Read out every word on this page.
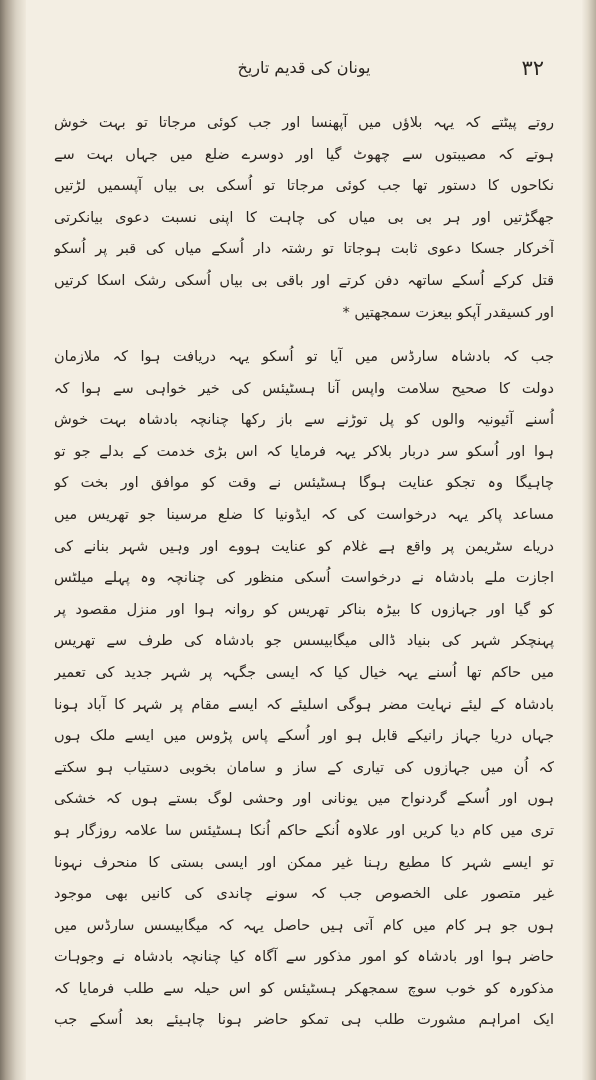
۳۲
یونان کی قدیم تاریخ
روتے پیٹتے کہ یہہ بلاؤں میں آپھنسا اور جب کوئی مرجاتا تو بہت خوش
ہوتے کہ مصیبتوں سے چھوٹ گیا اور دوسرے ضلع میں جہاں بہت سے
نکاحوں کا دستور تھا جب کوئی مرجاتا تو اُسکی بی بیاں آپسمیں لڑتیں
جھگڑتیں اور ہر بی بی میاں کی چاہت کا اپنی نسبت دعوی بیانکرتی
آخرکار جسکا دعوی ثابت ہوجاتا تو رشتہ دار اُسکے میاں کی قبر پر اُسکو
قتل کرکے اُسکے ساتھہ دفن کرتے اور باقی بی بیاں اُسکی رشک اسکا کرتیں
اور کسیقدر آپکو بیعزت سمجھتیں *
جب کہ بادشاہ سارڈس میں آیا تو اُسکو یہہ دریافت ہوا کہ ملازمان
دولت کا صحیح سلامت واپس آنا ہسٹیئس کی خیر خواہی سے ہوا کہ
اُسنے آئیونیہ والوں کو پل توڑنے سے باز رکھا چنانچہ بادشاہ بہت خوش
ہوا اور اُسکو سر دربار بلاکر یہہ فرمایا کہ اس بڑی خدمت کے بدلے جو تو
چاہیگا وہ تجکو عنایت ہوگا ہسٹیئس نے وقت کو موافق اور بخت کو
مساعد پاکر یہہ درخواست کی کہ ایڈونیا کا ضلع مرسینا جو تھریس میں
دریاے سٹریمن پر واقع ہے غلام کو عنایت ہووے اور وہیں شہر بنانے کی
اجازت ملے بادشاہ نے درخواست اُسکی منظور کی چنانچہ وہ پہلے میلٹس
کو گیا اور جہازوں کا بیڑہ بناکر تھریس کو روانہ ہوا اور منزل مقصود پر
پہنچکر شہر کی بنیاد ڈالی میگابیسس جو بادشاہ کی طرف سے تھریس
میں حاکم تھا اُسنے یہہ خیال کیا کہ ایسی جگہہ پر شہر جدید کی تعمیر
بادشاہ کے لیئے نہایت مضر ہوگی اسلیئے کہ ایسے مقام پر شہر کا آباد ہونا
جہاں دریا جہاز رانیکے قابل ہو اور اُسکے پاس پڑوس میں ایسے ملک ہوں
کہ اُن میں جہازوں کی تیاری کے ساز و سامان بخوبی دستیاب ہو سکتے
ہوں اور اُسکے گردنواح میں یونانی اور وحشی لوگ بستے ہوں کہ خشکی
تری میں کام دیا کریں اور علاوہ اُنکے حاکم اُنکا ہسٹیئس سا علامہ روزگار ہو
تو ایسے شہر کا مطیع رہنا غیر ممکن اور ایسی بستی کا منحرف نہونا
غیر متصور علی الخصوص جب کہ سونے چاندی کی کانیں بھی موجود
ہوں جو ہر کام میں کام آتی ہیں حاصل یہہ کہ میگابیسس سارڈس میں
حاضر ہوا اور بادشاہ کو امور مذکور سے آگاہ کیا چنانچہ بادشاہ نے وجوہات
مذکورہ کو خوب سوچ سمجھکر ہسٹیئس کو اس حیلہ سے طلب فرمایا کہ
ایک امراہم مشورت طلب ہی تمکو حاضر ہونا چاہیئے بعد اُسکے جب
